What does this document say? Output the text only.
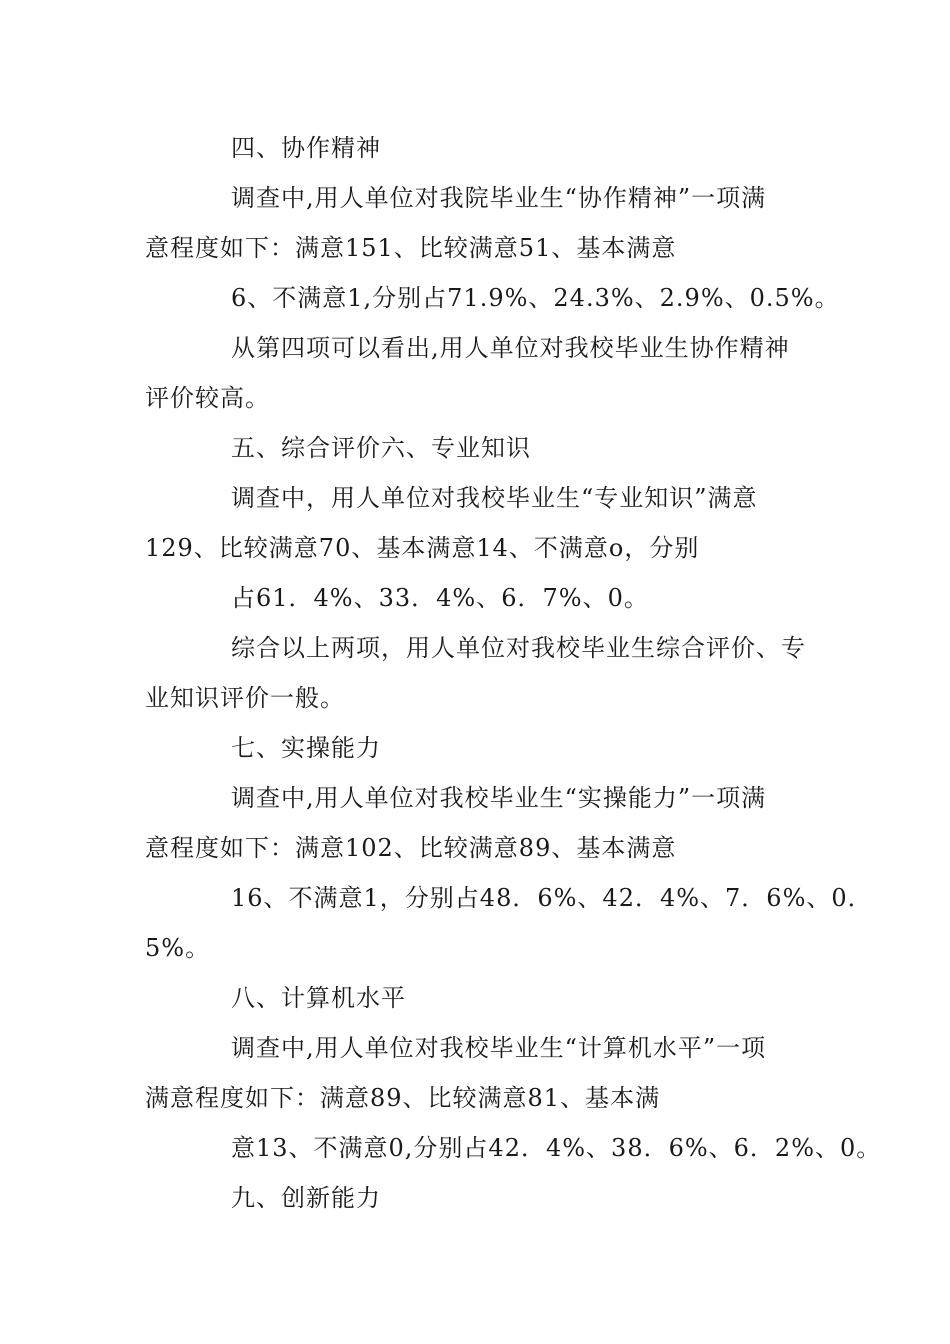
四、协作精神
调查中,用人单位对我院毕业生“协作精神”一项满
意程度如下：满意151、比较满意51、基本满意
6、不满意1,分别占71.9%、24.3%、2.9%、0.5%。
从第四项可以看出,用人单位对我校毕业生协作精神
评价较高。
五、综合评价六、专业知识
调查中，用人单位对我校毕业生“专业知识”满意
129、比较满意70、基本满意14、不满意o，分别
占61．4%、33．4%、6．7%、0。
综合以上两项，用人单位对我校毕业生综合评价、专
业知识评价一般。
七、实操能力
调查中,用人单位对我校毕业生“实操能力”一项满
意程度如下：满意102、比较满意89、基本满意
16、不满意1，分别占48．6%、42．4%、7．6%、0．
5%。
八、计算机水平
调查中,用人单位对我校毕业生“计算机水平”一项
满意程度如下：满意89、比较满意81、基本满
意13、不满意0,分别占42．4%、38．6%、6．2%、0。
九、创新能力
